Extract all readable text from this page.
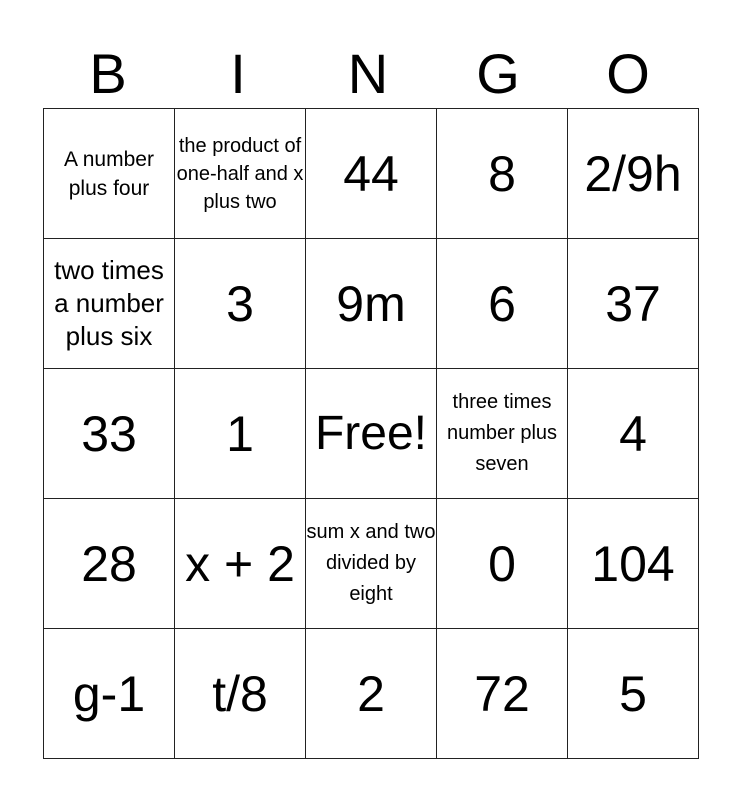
B	I	N	G	O
A number plus four	the product of one-half and x plus two	44	8	2/9h

two times a number plus six	3	9m	6	37

33	1	Free!	three times number plus seven	4

28	x + 2	sum x and two divided by eight	0	104

g-1	t/8	2	72	5
